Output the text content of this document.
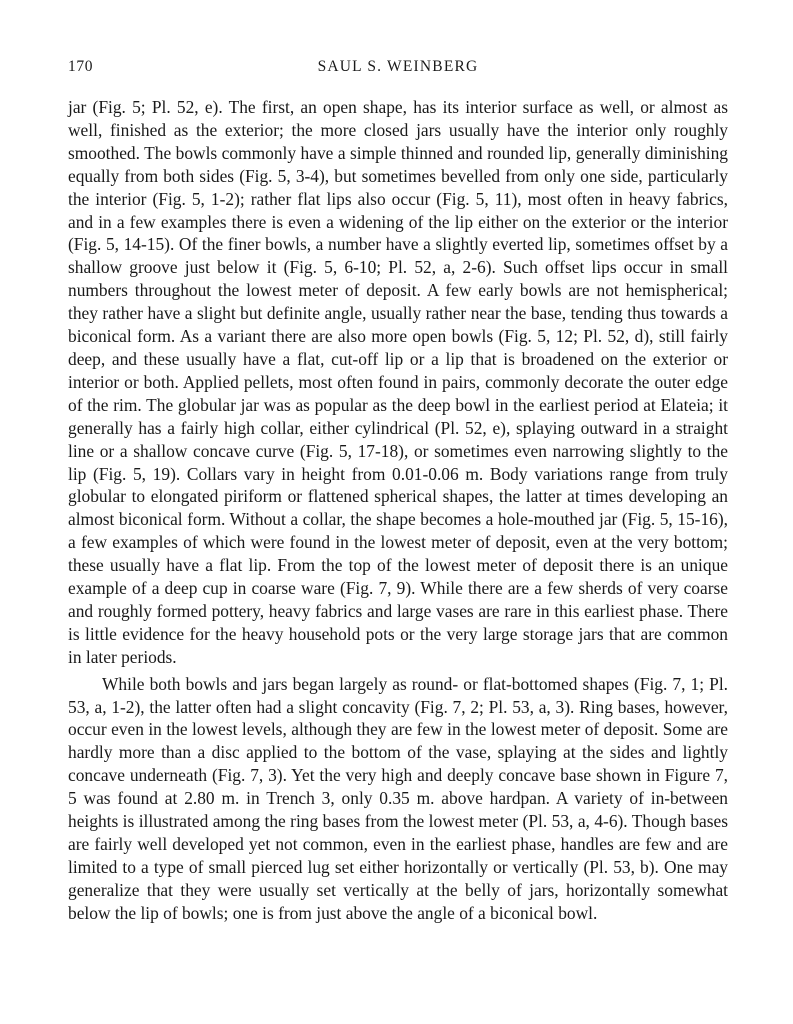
170	SAUL S. WEINBERG

jar (Fig. 5; Pl. 52, e). The first, an open shape, has its interior surface as well, or almost as well, finished as the exterior; the more closed jars usually have the interior only roughly smoothed. The bowls commonly have a simple thinned and rounded lip, generally diminishing equally from both sides (Fig. 5, 3-4), but sometimes bevelled from only one side, particularly the interior (Fig. 5, 1-2); rather flat lips also occur (Fig. 5, 11), most often in heavy fabrics, and in a few examples there is even a widening of the lip either on the exterior or the interior (Fig. 5, 14-15). Of the finer bowls, a number have a slightly everted lip, sometimes offset by a shallow groove just below it (Fig. 5, 6-10; Pl. 52, a, 2-6). Such offset lips occur in small numbers throughout the lowest meter of deposit. A few early bowls are not hemispherical; they rather have a slight but definite angle, usually rather near the base, tending thus towards a biconical form. As a variant there are also more open bowls (Fig. 5, 12; Pl. 52, d), still fairly deep, and these usually have a flat, cut-off lip or a lip that is broadened on the exterior or interior or both. Applied pellets, most often found in pairs, commonly decorate the outer edge of the rim. The globular jar was as popular as the deep bowl in the earliest period at Elateia; it generally has a fairly high collar, either cylindrical (Pl. 52, e), splaying outward in a straight line or a shallow concave curve (Fig. 5, 17-18), or sometimes even narrowing slightly to the lip (Fig. 5, 19). Collars vary in height from 0.01-0.06 m. Body variations range from truly globular to elongated piriform or flattened spherical shapes, the latter at times developing an almost biconical form. Without a collar, the shape becomes a hole-mouthed jar (Fig. 5, 15-16), a few examples of which were found in the lowest meter of deposit, even at the very bottom; these usually have a flat lip. From the top of the lowest meter of deposit there is an unique example of a deep cup in coarse ware (Fig. 7, 9). While there are a few sherds of very coarse and roughly formed pottery, heavy fabrics and large vases are rare in this earliest phase. There is little evidence for the heavy household pots or the very large storage jars that are common in later periods.

While both bowls and jars began largely as round- or flat-bottomed shapes (Fig. 7, 1; Pl. 53, a, 1-2), the latter often had a slight concavity (Fig. 7, 2; Pl. 53, a, 3). Ring bases, however, occur even in the lowest levels, although they are few in the lowest meter of deposit. Some are hardly more than a disc applied to the bottom of the vase, splaying at the sides and lightly concave underneath (Fig. 7, 3). Yet the very high and deeply concave base shown in Figure 7, 5 was found at 2.80 m. in Trench 3, only 0.35 m. above hardpan. A variety of in-between heights is illustrated among the ring bases from the lowest meter (Pl. 53, a, 4-6). Though bases are fairly well developed yet not common, even in the earliest phase, handles are few and are limited to a type of small pierced lug set either horizontally or vertically (Pl. 53, b). One may generalize that they were usually set vertically at the belly of jars, horizontally somewhat below the lip of bowls; one is from just above the angle of a biconical bowl.
